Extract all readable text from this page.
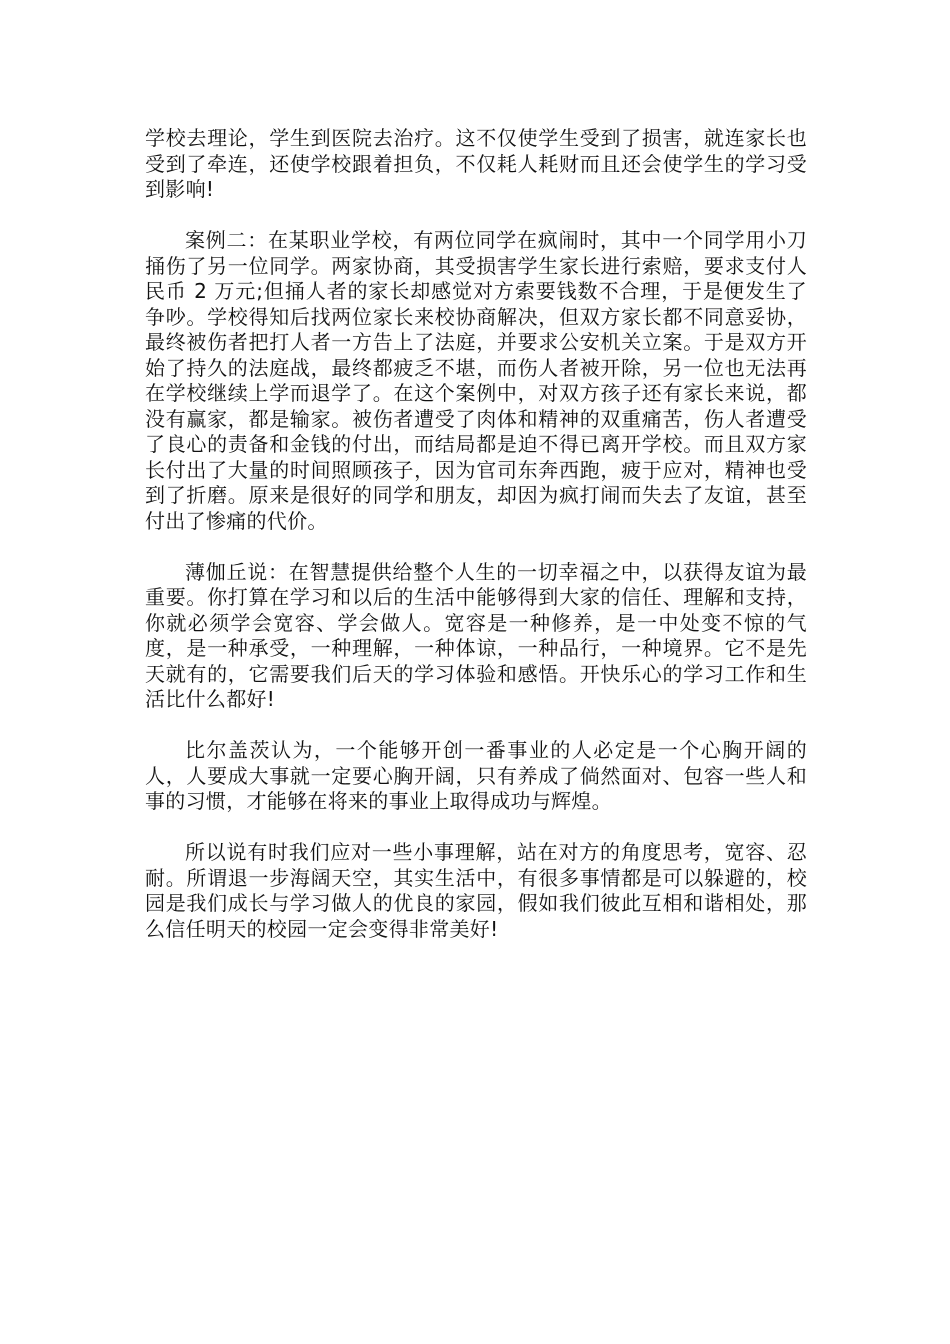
学校去理论，学生到医院去治疗。这不仅使学生受到了损害，就连家长也受到了牵连，还使学校跟着担负，不仅耗人耗财而且还会使学生的学习受到影响!

案例二：在某职业学校，有两位同学在疯闹时，其中一个同学用小刀捅伤了另一位同学。两家协商，其受损害学生家长进行索赔，要求支付人民币 2 万元;但捅人者的家长却感觉对方索要钱数不合理，于是便发生了争吵。学校得知后找两位家长来校协商解决，但双方家长都不同意妥协，最终被伤者把打人者一方告上了法庭，并要求公安机关立案。于是双方开始了持久的法庭战，最终都疲乏不堪，而伤人者被开除，另一位也无法再在学校继续上学而退学了。在这个案例中，对双方孩子还有家长来说，都没有赢家，都是输家。被伤者遭受了肉体和精神的双重痛苦，伤人者遭受了良心的责备和金钱的付出，而结局都是迫不得已离开学校。而且双方家长付出了大量的时间照顾孩子，因为官司东奔西跑，疲于应对，精神也受到了折磨。原来是很好的同学和朋友，却因为疯打闹而失去了友谊，甚至付出了惨痛的代价。

薄伽丘说：在智慧提供给整个人生的一切幸福之中，以获得友谊为最重要。你打算在学习和以后的生活中能够得到大家的信任、理解和支持，你就必须学会宽容、学会做人。宽容是一种修养，是一中处变不惊的气度，是一种承受，一种理解，一种体谅，一种品行，一种境界。它不是先天就有的，它需要我们后天的学习体验和感悟。开快乐心的学习工作和生活比什么都好!

比尔盖茨认为，一个能够开创一番事业的人必定是一个心胸开阔的人，人要成大事就一定要心胸开阔，只有养成了倘然面对、包容一些人和事的习惯，才能够在将来的事业上取得成功与辉煌。

所以说有时我们应对一些小事理解，站在对方的角度思考，宽容、忍耐。所谓退一步海阔天空，其实生活中，有很多事情都是可以躲避的，校园是我们成长与学习做人的优良的家园，假如我们彼此互相和谐相处，那么信任明天的校园一定会变得非常美好!
